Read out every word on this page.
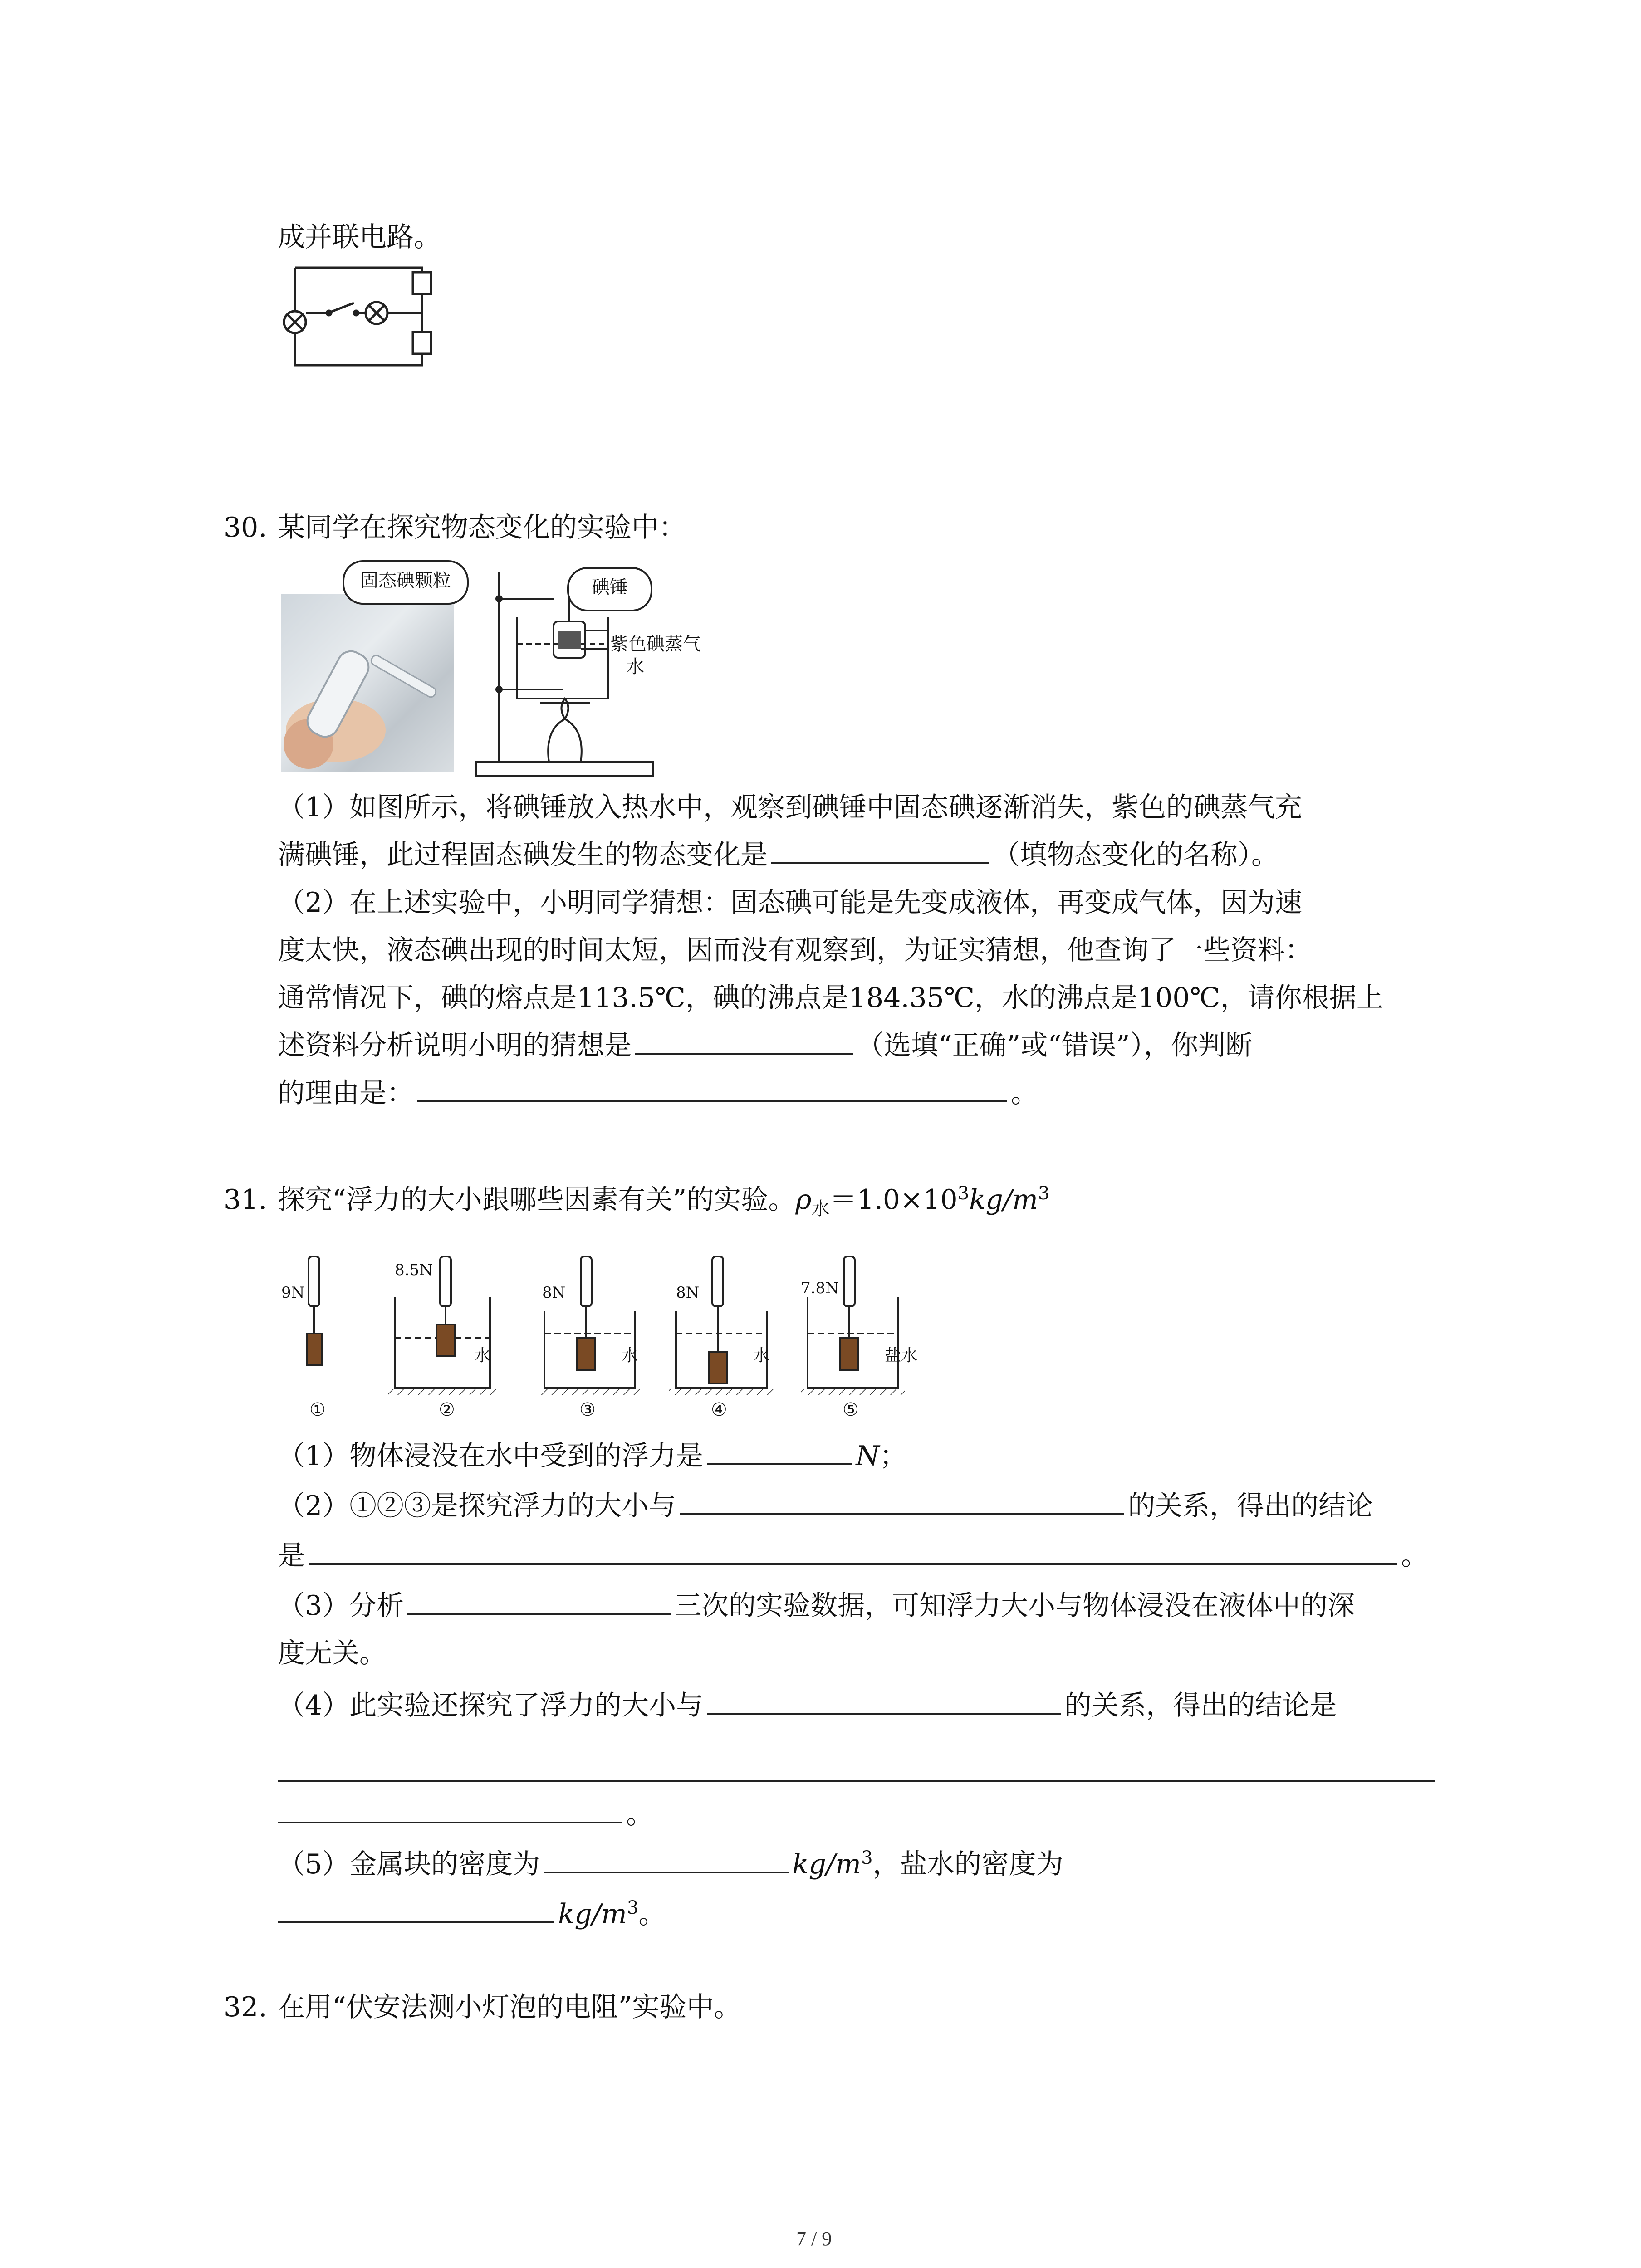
成并联电路。
30. 某同学在探究物态变化的实验中：
固态碘颗粒	碘锤
紫色碘蒸气
水
（1）如图所示，将碘锤放入热水中，观察到碘锤中固态碘逐渐消失，紫色的碘蒸气充
满碘锤，此过程固态碘发生的物态变化是	（填物态变化的名称）。
（2）在上述实验中，小明同学猜想：固态碘可能是先变成液体，再变成气体，因为速
度太快，液态碘出现的时间太短，因而没有观察到，为证实猜想，他查询了一些资料：
通常情况下，碘的熔点是113.5℃，碘的沸点是184.35℃，水的沸点是100℃，请你根据上
述资料分析说明小明的猜想是	（选填“正确”或“错误”），你判断
的理由是：	。
31. 探究“浮力的大小跟哪些因素有关”的实验。$\rho_水=1.0\times 10^3kg/m^3$
9N
8.5N
8N	8N	7.8N
水	水	水	盐水
①	②	③	④	⑤
（1）物体浸没在水中受到的浮力是	N；
（2）①②③是探究浮力的大小与	的关系，得出的结论
是	。
（3）分析	三次的实验数据，可知浮力大小与物体浸没在液体中的深
度无关。
（4）此实验还探究了浮力的大小与	的关系，得出的结论是
。
（5）金属块的密度为	$kg/m^3$，盐水的密度为
$kg/m^3$。
32. 在用“伏安法测小灯泡的电阻”实验中。
7 / 9
